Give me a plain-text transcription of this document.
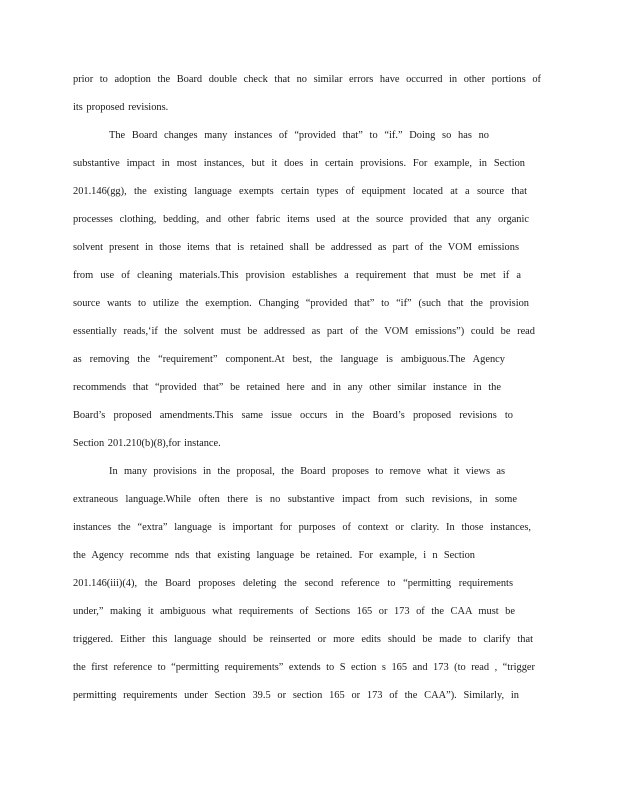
prior to adoption the Board double check that no similar errors have occurred in other portions of
its proposed revisions.
The Board changes many instances of “provided that” to “if.” Doing so has no
substantive impact in most instances, but it does in certain provisions. For example, in Section
201.146(gg), the existing language exempts certain types of equipment located at a source that
processes clothing, bedding, and other fabric items used at the source provided that any organic
solvent present in those items that is retained shall be addressed as part of the VOM emissions
from use of cleaning materials.This provision establishes a requirement that must be met if a
source wants to utilize the exemption. Changing “provided that” to “if” (such that the provision
essentially reads,‘if the solvent must be addressed as part of the VOM emissions”) could be read
as removing the “requirement” component.At best, the language is ambiguous.The Agency
recommends that “provided that” be retained here and in any other similar instance in the
Board’s proposed amendments.This same issue occurs in the Board’s proposed revisions to
Section 201.210(b)(8),for instance.
In many provisions in the proposal, the Board proposes to remove what it views as
extraneous language.While often there is no substantive impact from such revisions, in some
instances the “extra” language is important for purposes of context or clarity. In those instances,
the Agency recomme nds that existing language be retained. For example, i n Section
201.146(iii)(4), the Board proposes deleting the second reference to “permitting requirements
under,” making it ambiguous what requirements of Sections 165 or 173 of the CAA must be
triggered. Either this language should be reinserted or more edits should be made to clarify that
the first reference to “permitting requirements” extends to S ection s 165 and 173 (to read , “trigger
permitting requirements under Section 39.5 or section 165 or 173 of the CAA”). Similarly, in
